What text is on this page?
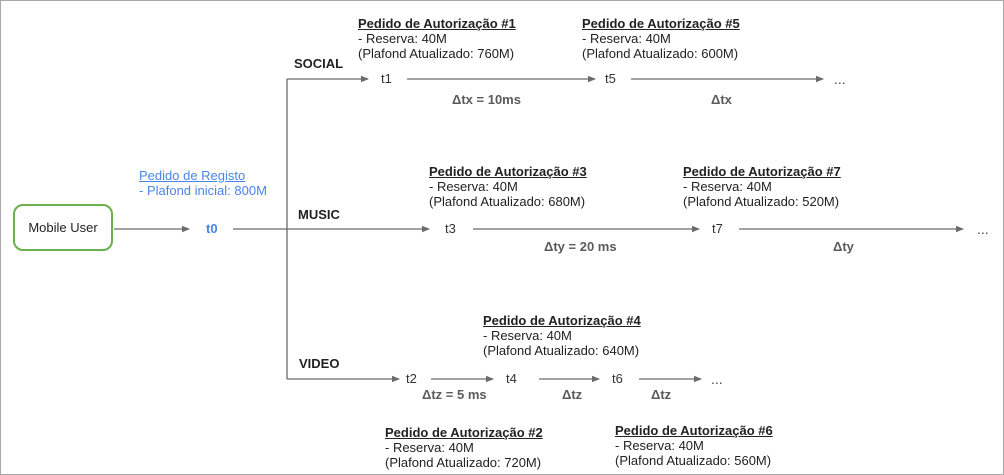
Mobile User
Pedido de Registo
- Plafond inicial: 800M
SOCIAL
MUSIC
VIDEO
t0
t1	t5
t3	t7
t2	t4	t6
...
...
...
Δtx = 10ms	Δtx
Δty = 20 ms	Δty
Δtz = 5 ms	Δtz	Δtz
Pedido de Autorização #1
- Reserva: 40M
(Plafond Atualizado: 760M)
Pedido de Autorização #5
- Reserva: 40M
(Plafond Atualizado: 600M)
Pedido de Autorização #3
- Reserva: 40M
(Plafond Atualizado: 680M)
Pedido de Autorização #7
- Reserva: 40M
(Plafond Atualizado: 520M)
Pedido de Autorização #4
- Reserva: 40M
(Plafond Atualizado: 640M)
Pedido de Autorização #2
- Reserva: 40M
(Plafond Atualizado: 720M)
Pedido de Autorização #6
- Reserva: 40M
(Plafond Atualizado: 560M)
